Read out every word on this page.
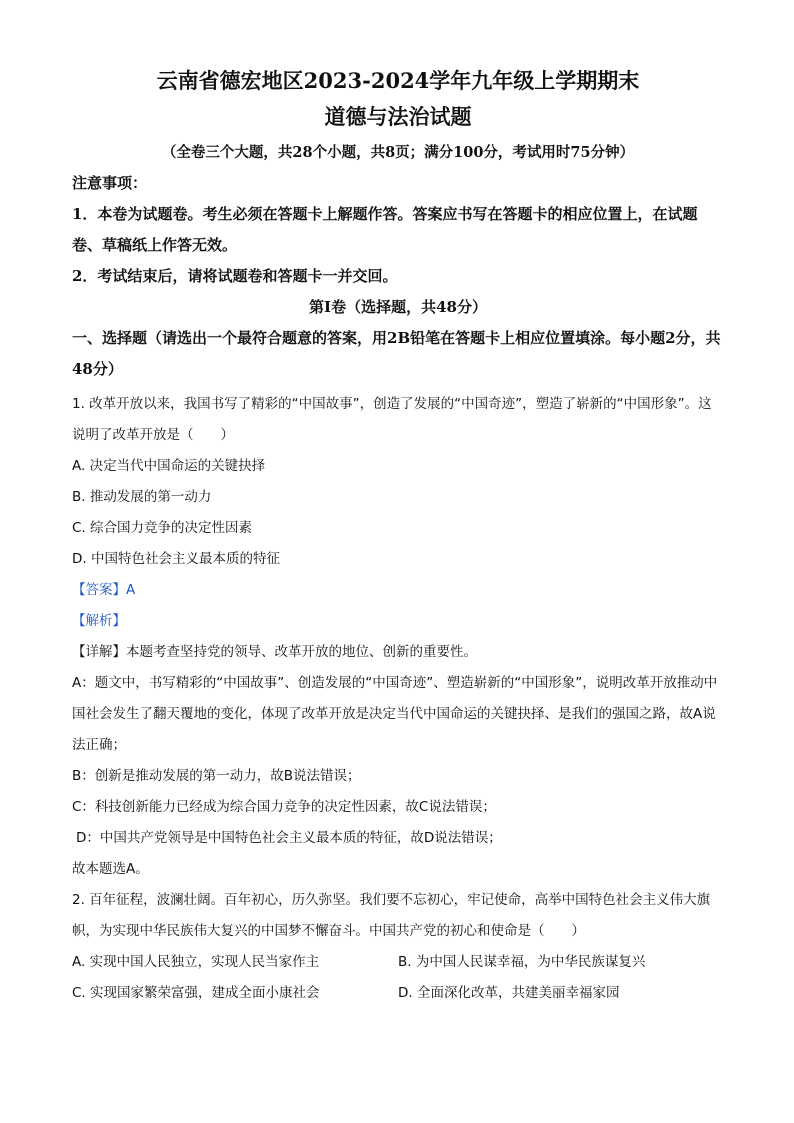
云南省德宏地区2023-2024学年九年级上学期期末

道德与法治试题

（全卷三个大题，共28个小题，共8页；满分100分，考试用时75分钟）

注意事项：

1．本卷为试题卷。考生必须在答题卡上解题作答。答案应书写在答题卡的相应位置上，在试题卷、草稿纸上作答无效。

2．考试结束后，请将试题卷和答题卡一并交回。

第Ⅰ卷（选择题，共48分）

一、选择题（请选出一个最符合题意的答案，用2B铅笔在答题卡上相应位置填涂。每小题2分，共48分）

1. 改革开放以来，我国书写了精彩的“中国故事”，创造了发展的“中国奇迹”，塑造了崭新的“中国形象”。这说明了改革开放是（　　）

A. 决定当代中国命运的关键抉择

B. 推动发展的第一动力

C. 综合国力竞争的决定性因素

D. 中国特色社会主义最本质的特征

【答案】A

【解析】

【详解】本题考查坚持党的领导、改革开放的地位、创新的重要性。

A：题文中，书写精彩的“中国故事”、创造发展的“中国奇迹”、塑造崭新的“中国形象”，说明改革开放推动中国社会发生了翻天覆地的变化，体现了改革开放是决定当代中国命运的关键抉择、是我们的强国之路，故A说法正确；

B：创新是推动发展的第一动力，故B说法错误；

C：科技创新能力已经成为综合国力竞争的决定性因素，故C说法错误；

D：中国共产党领导是中国特色社会主义最本质的特征，故D说法错误；

故本题选A。

2. 百年征程，波澜壮阔。百年初心，历久弥坚。我们要不忘初心，牢记使命，高举中国特色社会主义伟大旗帜，为实现中华民族伟大复兴的中国梦不懈奋斗。中国共产党的初心和使命是（　　）

A. 实现中国人民独立，实现人民当家作主	B. 为中国人民谋幸福，为中华民族谋复兴

C. 实现国家繁荣富强，建成全面小康社会	D. 全面深化改革，共建美丽幸福家园
